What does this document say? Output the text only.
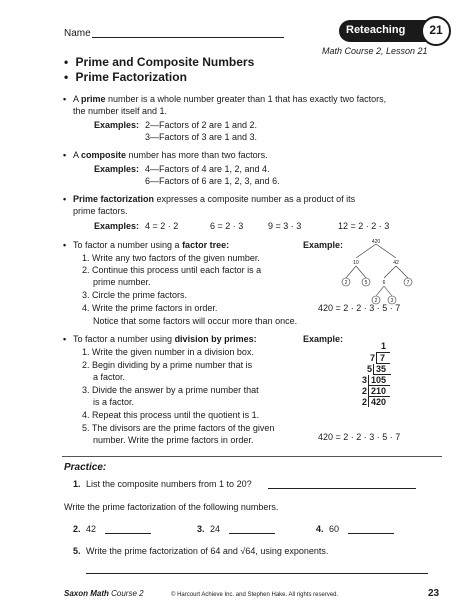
Name	Reteaching	21
Math Course 2, Lesson 21
• Prime and Composite Numbers
• Prime Factorization
A prime number is a whole number greater than 1 that has exactly two factors,
the number itself and 1.
Examples: 2—Factors of 2 are 1 and 2.
3—Factors of 3 are 1 and 3.
A composite number has more than two factors.
Examples: 4—Factors of 4 are 1, 2, and 4.
6—Factors of 6 are 1, 2, 3, and 6.
Prime factorization expresses a composite number as a product of its
prime factors.
Examples: 4 = 2 · 2	6 = 2 · 3	9 = 3 · 3	12 = 2 · 2 · 3
To factor a number using a factor tree:
1. Write any two factors of the given number.
2. Continue this process until each factor is a
prime number.
3. Circle the prime factors.
4. Write the prime factors in order.
Notice that some factors will occur more than once.
Example:	420
10	42
2	5	6	7
2	3
420 = 2 · 2 · 3 · 5 · 7
To factor a number using division by primes:
1. Write the given number in a division box.
2. Begin dividing by a prime number that is
a factor.
3. Divide the answer by a prime number that
is a factor.
4. Repeat this process until the quotient is 1.
5. The divisors are the prime factors of the given
number. Write the prime factors in order.
Example:
1
7 7
5 35
3 105
2 210
2 420
420 = 2 · 2 · 3 · 5 · 7
Practice:
1. List the composite numbers from 1 to 20?
Write the prime factorization of the following numbers.
2. 42	3. 24	4. 60
5. Write the prime factorization of 64 and √64, using exponents.
Saxon Math Course 2	© Harcourt Achieve Inc. and Stephen Hake. All rights reserved.	23
